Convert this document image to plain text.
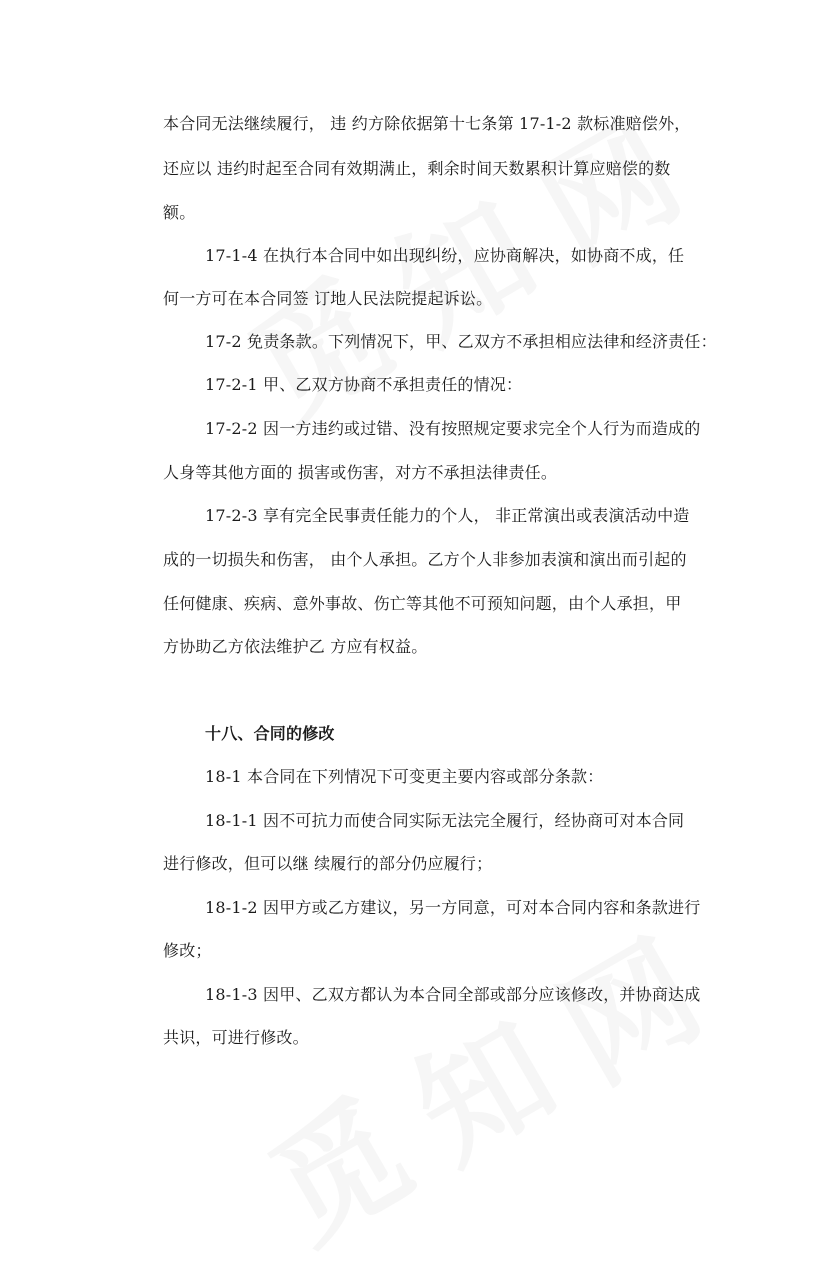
本合同无法继续履行， 违 约方除依据第十七条第 17-1-2 款标准赔偿外，
还应以 违约时起至合同有效期满止，剩余时间天数累积计算应赔偿的数
额。
17-1-4 在执行本合同中如出现纠纷，应协商解决，如协商不成，任
何一方可在本合同签 订地人民法院提起诉讼。
17-2 免责条款。下列情况下，甲、乙双方不承担相应法律和经济责任：
17-2-1 甲、乙双方协商不承担责任的情况：
17-2-2 因一方违约或过错、没有按照规定要求完全个人行为而造成的
人身等其他方面的 损害或伤害，对方不承担法律责任。
17-2-3 享有完全民事责任能力的个人， 非正常演出或表演活动中造
成的一切损失和伤害， 由个人承担。乙方个人非参加表演和演出而引起的
任何健康、疾病、意外事故、伤亡等其他不可预知问题，由个人承担，甲
方协助乙方依法维护乙 方应有权益。
十八、合同的修改
18-1 本合同在下列情况下可变更主要内容或部分条款：
18-1-1 因不可抗力而使合同实际无法完全履行，经协商可对本合同
进行修改，但可以继 续履行的部分仍应履行；
18-1-2 因甲方或乙方建议，另一方同意，可对本合同内容和条款进行
修改；
18-1-3 因甲、乙双方都认为本合同全部或部分应该修改，并协商达成
共识，可进行修改。
